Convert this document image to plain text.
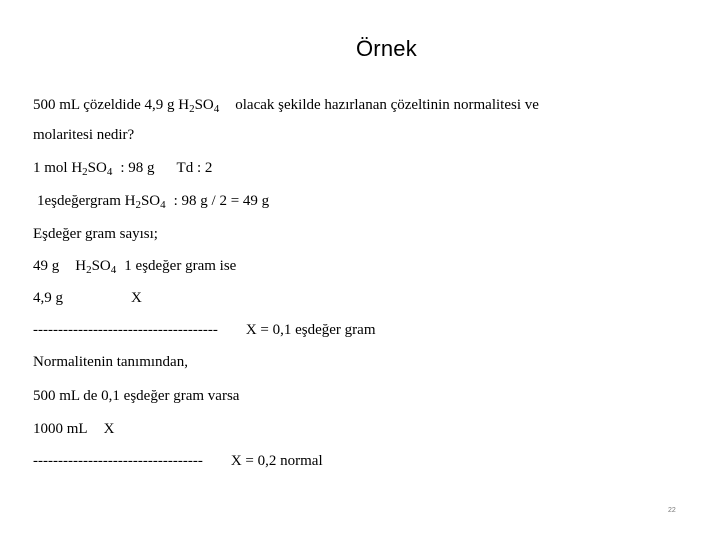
Örnek
500 mL çözeldide 4,9 g $H_2SO_4$ olacak şekilde hazırlanan çözeltinin normalitesi ve
molaritesi nedir?
1 mol $H_2SO_4$ : 98 g Td : 2
1eşdeğergram $H_2SO_4$ : 98 g / 2 = 49 g
Eşdeğer gram sayısı;
49 g $H_2SO_4$ 1 eşdeğer gram ise
4,9 g	X
------------------------------------- X = 0,1 eşdeğer gram
Normalitenin tanımından,
500 mL de 0,1 eşdeğer gram varsa
1000 mL X
---------------------------------- X = 0,2 normal
22
